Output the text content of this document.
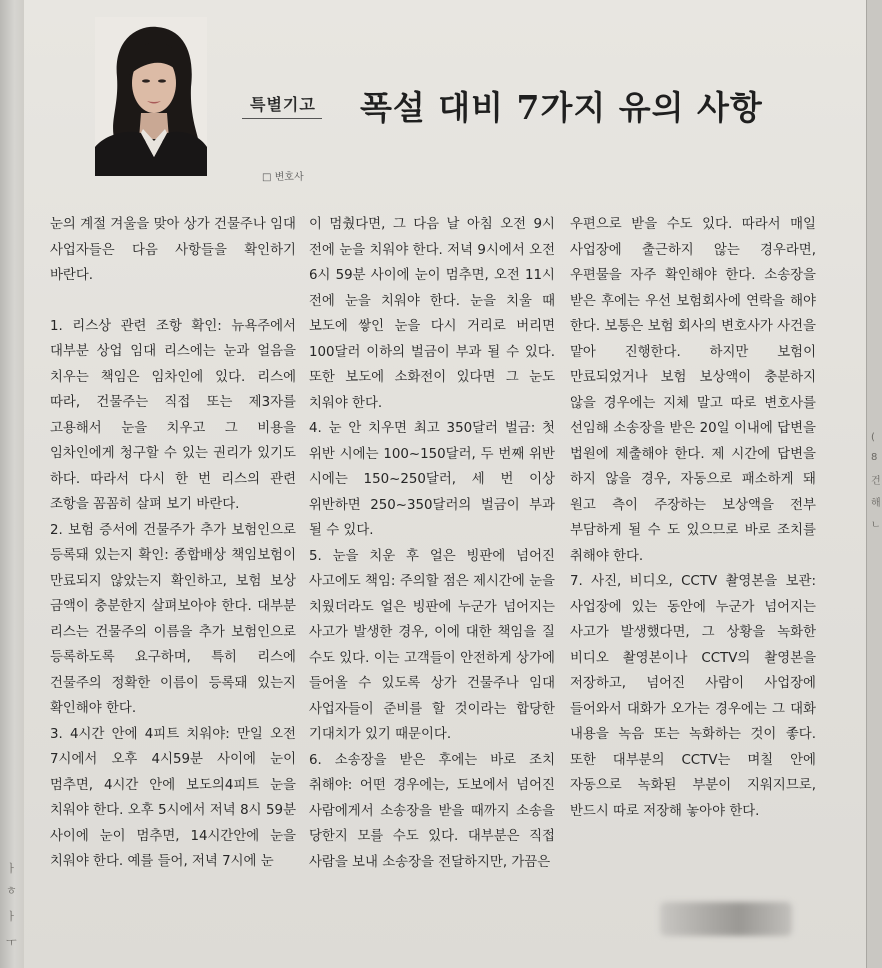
ㅏ
ㅎ
ㅏ
ㅜ
(
8
건
해
ㄴ
특별기고 폭설 대비 7가지 유의 사항
□ 변호사

눈의 계절 겨울을 맞아 상가 건물주나 임대 사업자들은 다음 사항들을 확인하기 바란다.

1. 리스상 관련 조항 확인: 뉴욕주에서 대부분 상업 임대 리스에는 눈과 얼음을 치우는 책임은 임차인에 있다. 리스에 따라, 건물주는 직접 또는 제3자를 고용해서 눈을 치우고 그 비용을 임차인에게 청구할 수 있는 권리가 있기도 하다. 따라서 다시 한 번 리스의 관련 조항을 꼼꼼히 살펴 보기 바란다.

2. 보험 증서에 건물주가 추가 보험인으로 등록돼 있는지 확인: 종합배상 책임보험이 만료되지 않았는지 확인하고, 보험 보상 금액이 충분한지 살펴보아야 한다. 대부분 리스는 건물주의 이름을 추가 보험인으로 등록하도록 요구하며, 특히 리스에 건물주의 정확한 이름이 등록돼 있는지 확인해야 한다.

3. 4시간 안에 4피트 치워야: 만일 오전 7시에서 오후 4시59분 사이에 눈이 멈추면, 4시간 안에 보도의4피트 눈을 치워야 한다. 오후 5시에서 저녁 8시 59분 사이에 눈이 멈추면, 14시간안에 눈을 치워야 한다. 예를 들어, 저녁 7시에 눈

이 멈췄다면, 그 다음 날 아침 오전 9시 전에 눈을 치워야 한다. 저녁 9시에서 오전 6시 59분 사이에 눈이 멈추면, 오전 11시 전에 눈을 치워야 한다. 눈을 치울 때 보도에 쌓인 눈을 다시 거리로 버리면 100달러 이하의 벌금이 부과 될 수 있다. 또한 보도에 소화전이 있다면 그 눈도 치워야 한다.

4. 눈 안 치우면 최고 350달러 벌금: 첫 위반 시에는 100~150달러, 두 번째 위반 시에는 150~250달러, 세 번 이상 위반하면 250~350달러의 벌금이 부과 될 수 있다.

5. 눈을 치운 후 얼은 빙판에 넘어진 사고에도 책임: 주의할 점은 제시간에 눈을 치웠더라도 얼은 빙판에 누군가 넘어지는 사고가 발생한 경우, 이에 대한 책임을 질 수도 있다. 이는 고객들이 안전하게 상가에 들어올 수 있도록 상가 건물주나 임대 사업자들이 준비를 할 것이라는 합당한 기대치가 있기 때문이다.

6. 소송장을 받은 후에는 바로 조치 취해야: 어떤 경우에는, 도보에서 넘어진 사람에게서 소송장을 받을 때까지 소송을 당한지 모를 수도 있다. 대부분은 직접 사람을 보내 소송장을 전달하지만, 가끔은

우편으로 받을 수도 있다. 따라서 매일 사업장에 출근하지 않는 경우라면, 우편물을 자주 확인해야 한다. 소송장을 받은 후에는 우선 보험회사에 연락을 해야 한다. 보통은 보험 회사의 변호사가 사건을 맡아 진행한다. 하지만 보험이 만료되었거나 보험 보상액이 충분하지 않을 경우에는 지체 말고 따로 변호사를 선임해 소송장을 받은 20일 이내에 답변을 법원에 제출해야 한다. 제 시간에 답변을 하지 않을 경우, 자동으로 패소하게 돼 원고 측이 주장하는 보상액을 전부 부담하게 될 수 도 있으므로 바로 조치를 취해야 한다.

7. 사진, 비디오, CCTV 촬영본을 보관: 사업장에 있는 동안에 누군가 넘어지는 사고가 발생했다면, 그 상황을 녹화한 비디오 촬영본이나 CCTV의 촬영본을 저장하고, 넘어진 사람이 사업장에 들어와서 대화가 오가는 경우에는 그 대화 내용을 녹음 또는 녹화하는 것이 좋다. 또한 대부분의 CCTV는 며칠 안에 자동으로 녹화된 부분이 지워지므로, 반드시 따로 저장해 놓아야 한다.
